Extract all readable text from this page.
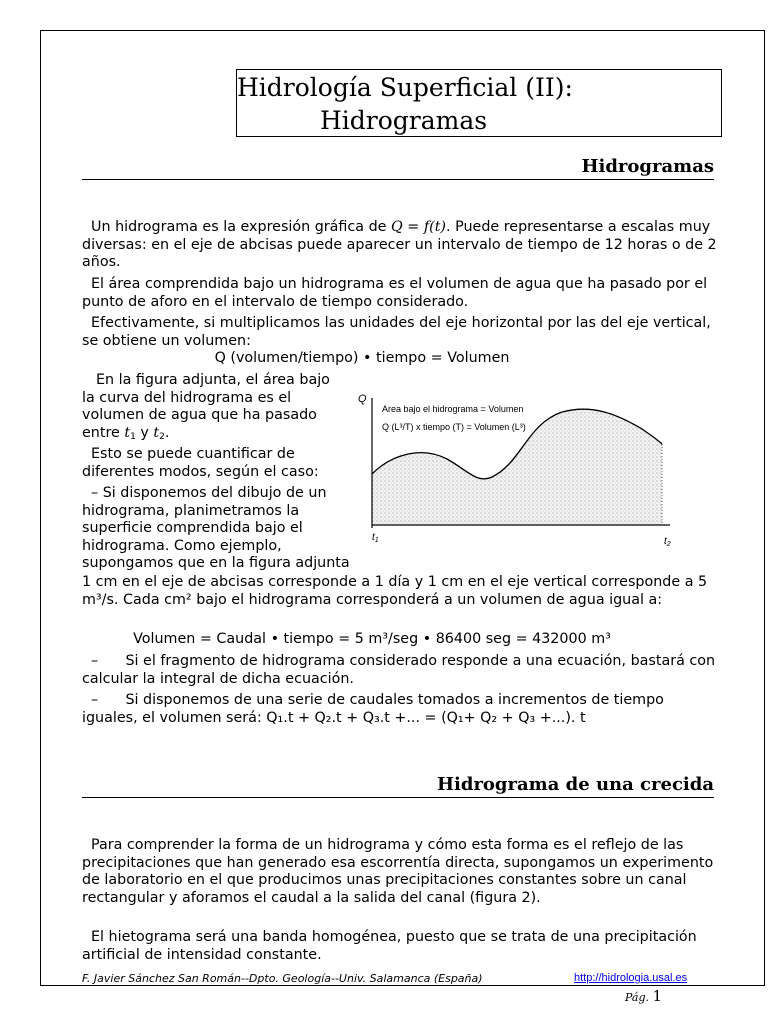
Hidrología Superficial (II):
Hidrogramas
Hidrogramas

Un hidrograma es la expresión gráfica de Q = f(t). Puede representarse a escalas muy diversas: en el eje de abcisas puede aparecer un intervalo de tiempo de 12 horas o de 2 años.

El área comprendida bajo un hidrograma es el volumen de agua que ha pasado por el punto de aforo en el intervalo de tiempo considerado.

Efectivamente, si multiplicamos las unidades del eje horizontal por las del eje vertical, se obtiene un volumen:

Q (volumen/tiempo) • tiempo = Volumen

En la figura adjunta, el área bajo la curva del hidrograma es el volumen de agua que ha pasado entre $t_1$ y $t_2$.

Esto se puede cuantificar de diferentes modos, según el caso:

– Si disponemos del dibujo de un hidrograma, planimetramos la superficie comprendida bajo el hidrograma. Como ejemplo, supongamos que en la figura adjunta

1 cm en el eje de abcisas corresponde a 1 día y 1 cm en el eje vertical corresponde a 5 m³/s. Cada cm² bajo el hidrograma corresponderá a un volumen de agua igual a:

Volumen = Caudal • tiempo = 5 m³/seg • 86400 seg = 432000 m³

– Si el fragmento de hidrograma considerado responde a una ecuación, bastará con calcular la integral de dicha ecuación.

– Si disponemos de una serie de caudales tomados a incrementos de tiempo iguales, el volumen será: Q₁.t + Q₂.t + Q₃.t +... = (Q₁+ Q₂ + Q₃ +...). t

Hidrograma de una crecida

Para comprender la forma de un hidrograma y cómo esta forma es el reflejo de las precipitaciones que han generado esa escorrentía directa, supongamos un experimento de laboratorio en el que producimos unas precipitaciones constantes sobre un canal rectangular y aforamos el caudal a la salida del canal (figura 2).

El hietograma será una banda homogénea, puesto que se trata de una precipitación artificial de intensidad constante.

Q
Area bajo el hidrograma = Volumen
Q (L³/T) x tiempo (T) = Volumen (L³)
$t_1$	$t_2$
F. Javier Sánchez San Román--Dpto. Geología--Univ. Salamanca (España)	http://hidrologia.usal.es
Pág. 1
